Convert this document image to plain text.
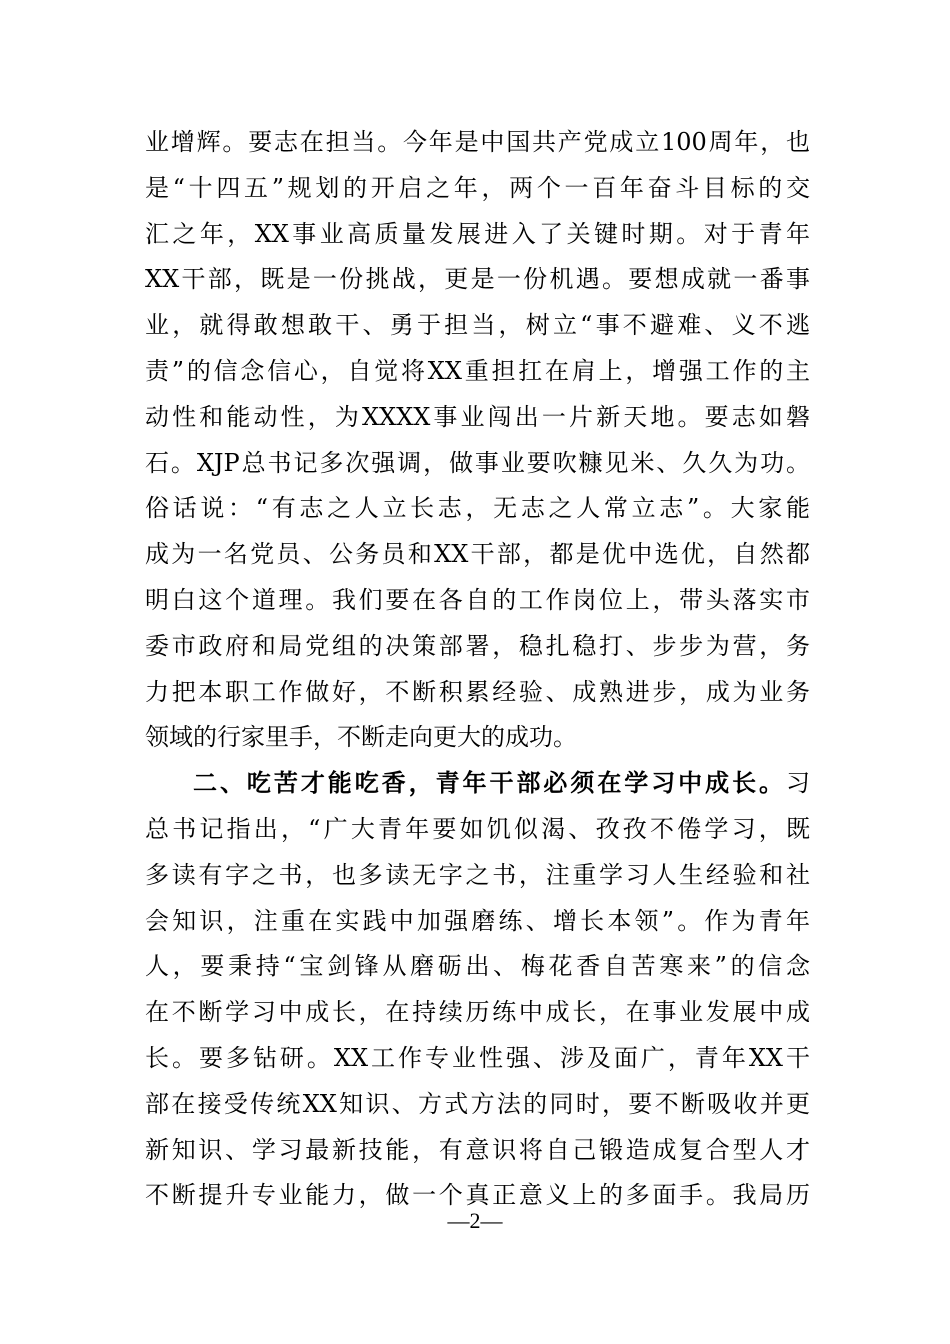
业增辉。要志在担当。今年是中国共产党成立100周年，也
是“十四五”规划的开启之年，两个一百年奋斗目标的交
汇之年，XX事业高质量发展进入了关键时期。对于青年
XX干部，既是一份挑战，更是一份机遇。要想成就一番事
业，就得敢想敢干、勇于担当，树立“事不避难、义不逃
责”的信念信心，自觉将XX重担扛在肩上，增强工作的主
动性和能动性，为XXXX事业闯出一片新天地。要志如磐
石。XJP总书记多次强调，做事业要吹糠见米、久久为功。
俗话说：“有志之人立长志，无志之人常立志”。大家能
成为一名党员、公务员和XX干部，都是优中选优，自然都
明白这个道理。我们要在各自的工作岗位上，带头落实市
委市政府和局党组的决策部署，稳扎稳打、步步为营，务
力把本职工作做好，不断积累经验、成熟进步，成为业务
领域的行家里手，不断走向更大的成功。
二、吃苦才能吃香，青年干部必须在学习中成长。习
总书记指出，“广大青年要如饥似渴、孜孜不倦学习，既
多读有字之书，也多读无字之书，注重学习人生经验和社
会知识，注重在实践中加强磨练、增长本领”。作为青年
人，要秉持“宝剑锋从磨砺出、梅花香自苦寒来”的信念
在不断学习中成长，在持续历练中成长，在事业发展中成
长。要多钻研。XX工作专业性强、涉及面广，青年XX干
部在接受传统XX知识、方式方法的同时，要不断吸收并更
新知识、学习最新技能，有意识将自己锻造成复合型人才
不断提升专业能力，做一个真正意义上的多面手。我局历
—2—
